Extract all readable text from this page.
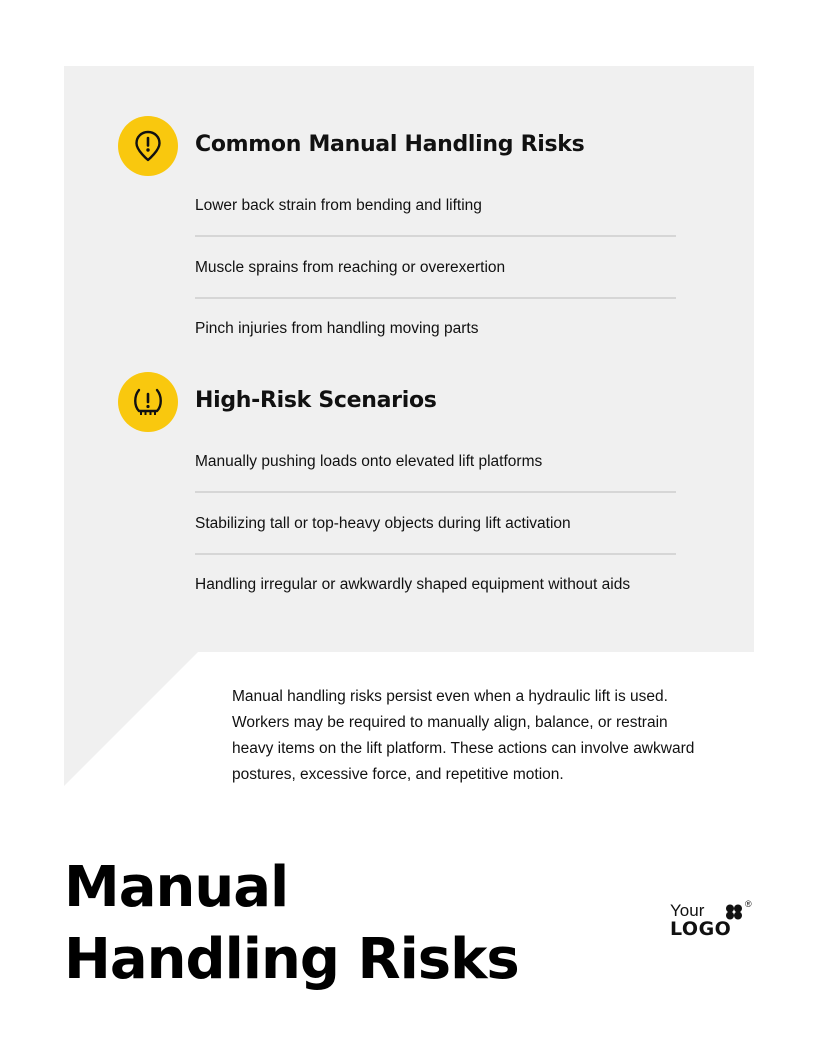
Common Manual Handling Risks
Lower back strain from bending and lifting
Muscle sprains from reaching or overexertion
Pinch injuries from handling moving parts
High-Risk Scenarios
Manually pushing loads onto elevated lift platforms
Stabilizing tall or top-heavy objects during lift activation
Handling irregular or awkwardly shaped equipment without aids

Manual handling risks persist even when a hydraulic lift is used. Workers may be required to manually align, balance, or restrain heavy items on the lift platform. These actions can involve awkward postures, excessive force, and repetitive motion.

Manual
Handling Risks
Your	®
LOGO
